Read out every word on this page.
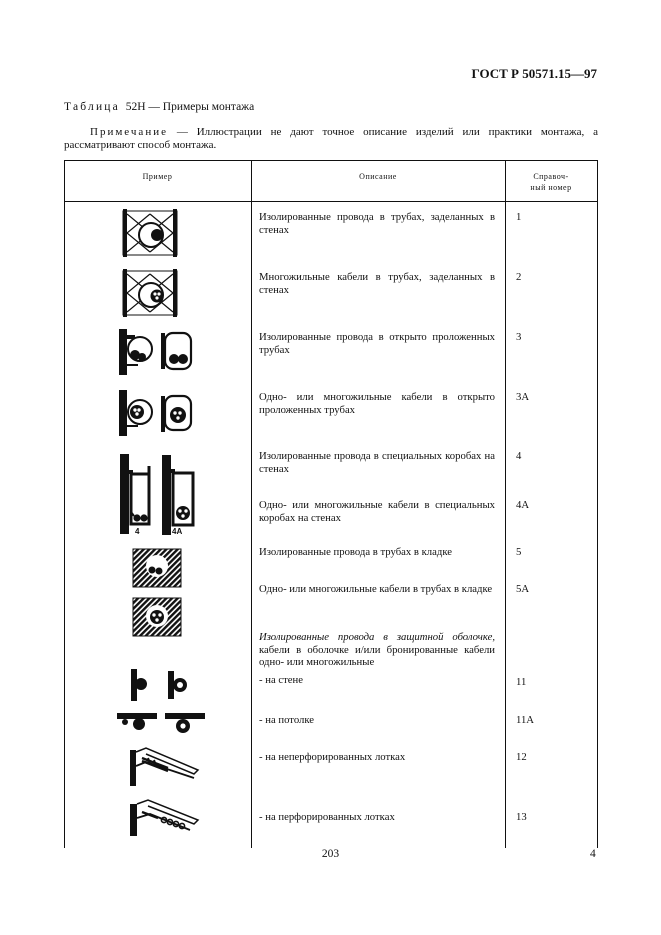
ГОСТ Р 50571.15—97
Таблица 52Н — Примеры монтажа
Примечание — Иллюстрации не дают точное описание изделий или практики монтажа, а рассматривают способ монтажа.
Пример	Описание	Справоч-
ный номер
Изолированные провода в трубах, заделанных в стенах
1
Многожильные кабели в трубах, заделанных в стенах
2
Изолированные провода в открыто проложенных трубах
3
Одно- или многожильные кабели в открыто проложенных трубах
3А
Изолированные провода в специальных коробах на стенах
4
Одно- или многожильные кабели в специальных коробах на стенах
4А
Изолированные провода в трубах в кладке	5
Одно- или многожильные кабели в трубах в кладке 5А
Изолированные провода в защитной оболочке, кабели в оболочке и/или бронированные кабели одно- или многожильные
- на стене	11
- на потолке	11А
- на неперфорированных лотках	12
- на перфорированных лотках	13
4	4А
203	4
